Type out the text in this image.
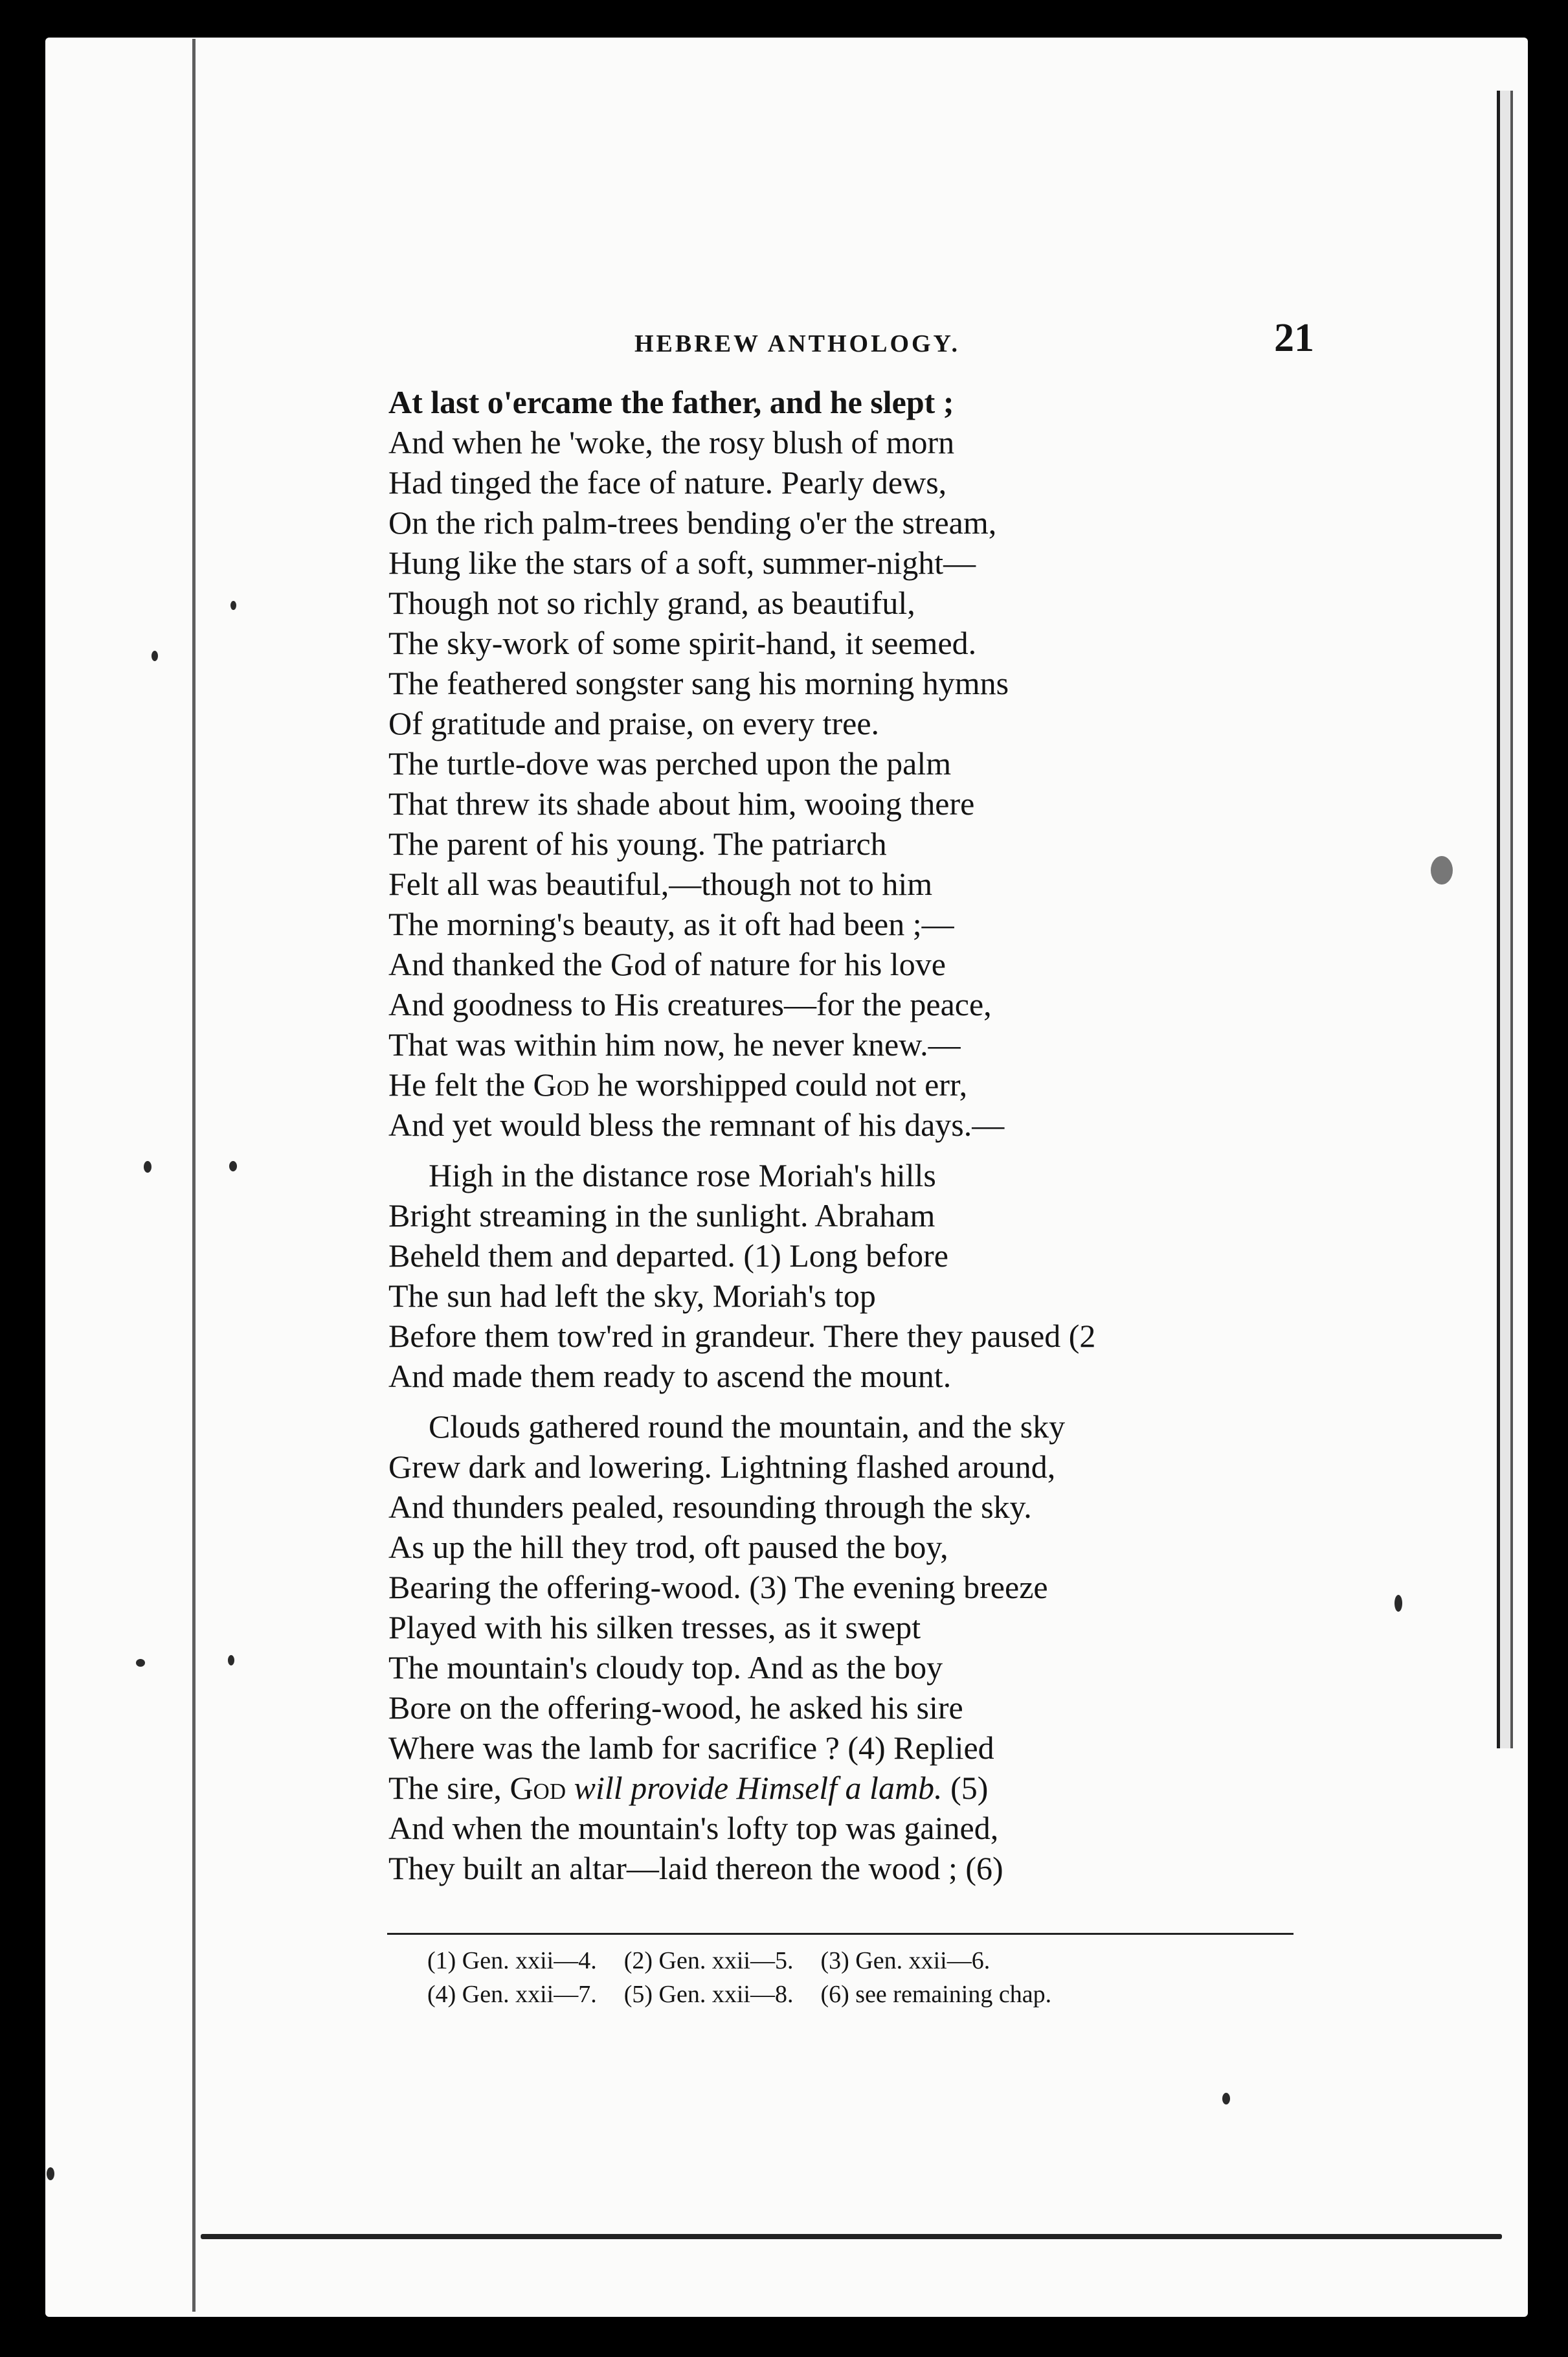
HEBREW ANTHOLOGY.	21
At last o'ercame the father, and he slept ;
And when he 'woke, the rosy blush of morn
Had tinged the face of nature. Pearly dews,
On the rich palm-trees bending o'er the stream,
Hung like the stars of a soft, summer-night—
Though not so richly grand, as beautiful,
The sky-work of some spirit-hand, it seemed.
The feathered songster sang his morning hymns
Of gratitude and praise, on every tree.
The turtle-dove was perched upon the palm
That threw its shade about him, wooing there
The parent of his young. The patriarch
Felt all was beautiful,—though not to him
The morning's beauty, as it oft had been ;—
And thanked the God of nature for his love
And goodness to His creatures—for the peace,
That was within him now, he never knew.—
He felt the God he worshipped could not err,
And yet would bless the remnant of his days.—
High in the distance rose Moriah's hills
Bright streaming in the sunlight. Abraham
Beheld them and departed. (1) Long before
The sun had left the sky, Moriah's top
Before them tow'red in grandeur. There they paused (2
And made them ready to ascend the mount.
Clouds gathered round the mountain, and the sky
Grew dark and lowering. Lightning flashed around,
And thunders pealed, resounding through the sky.
As up the hill they trod, oft paused the boy,
Bearing the offering-wood. (3) The evening breeze
Played with his silken tresses, as it swept
The mountain's cloudy top. And as the boy
Bore on the offering-wood, he asked his sire
Where was the lamb for sacrifice ? (4) Replied
The sire, God will provide Himself a lamb. (5)
And when the mountain's lofty top was gained,
They built an altar—laid thereon the wood ; (6)
(1) Gen. xxii—4. (2) Gen. xxii—5. (3) Gen. xxii—6.
(4) Gen. xxii—7. (5) Gen. xxii—8. (6) see remaining chap.
